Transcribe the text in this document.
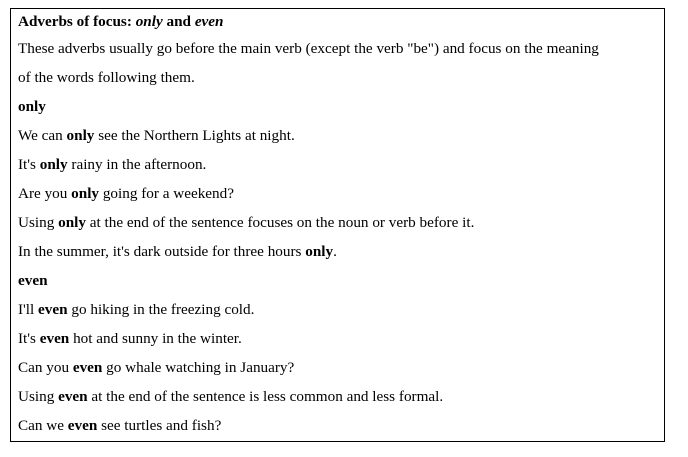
Adverbs of focus: only and even
These adverbs usually go before the main verb (except the verb "be") and focus on the meaning
of the words following them.
only
We can only see the Northern Lights at night.
It's only rainy in the afternoon.
Are you only going for a weekend?
Using only at the end of the sentence focuses on the noun or verb before it.
In the summer, it's dark outside for three hours only.
even
I'll even go hiking in the freezing cold.
It's even hot and sunny in the winter.
Can you even go whale watching in January?
Using even at the end of the sentence is less common and less formal.
Can we even see turtles and fish?
